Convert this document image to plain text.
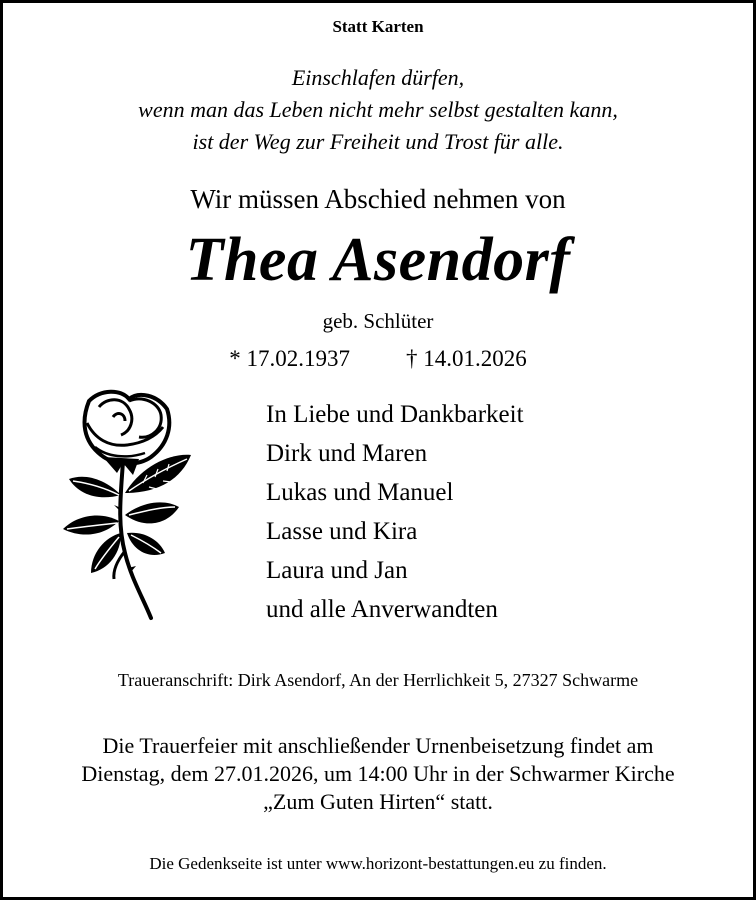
Statt Karten
Einschlafen dürfen,
wenn man das Leben nicht mehr selbst gestalten kann,
ist der Weg zur Freiheit und Trost für alle.
Wir müssen Abschied nehmen von
Thea Asendorf
geb. Schlüter
* 17.02.1937 † 14.01.2026
In Liebe und Dankbarkeit
Dirk und Maren
Lukas und Manuel
Lasse und Kira
Laura und Jan
und alle Anverwandten
Traueranschrift: Dirk Asendorf, An der Herrlichkeit 5, 27327 Schwarme
Die Trauerfeier mit anschließender Urnenbeisetzung findet am
Dienstag, dem 27.01.2026, um 14:00 Uhr in der Schwarmer Kirche
„Zum Guten Hirten“ statt.
Die Gedenkseite ist unter www.horizont-bestattungen.eu zu finden.
